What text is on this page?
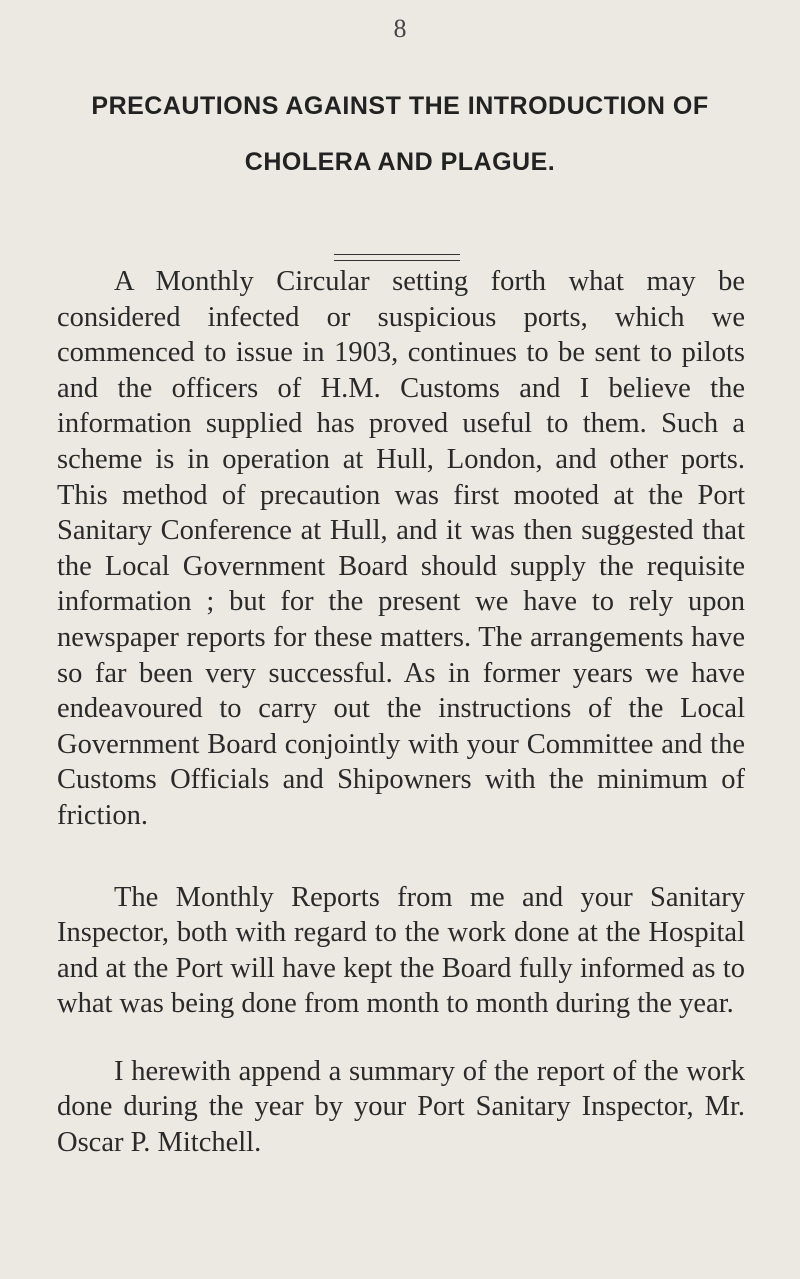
8
PRECAUTIONS AGAINST THE INTRODUCTION OF
CHOLERA AND PLAGUE.

A Monthly Circular setting forth what may be considered infected or suspicious ports, which we commenced to issue in 1903, continues to be sent to pilots and the officers of H.M. Customs and I believe the information supplied has proved useful to them. Such a scheme is in operation at Hull, London, and other ports. This method of precaution was first mooted at the Port Sanitary Conference at Hull, and it was then suggested that the Local Government Board should supply the requisite information ; but for the present we have to rely upon newspaper reports for these matters. The arrangements have so far been very successful. As in former years we have endeavoured to carry out the instructions of the Local Government Board conjointly with your Committee and the Customs Officials and Shipowners with the minimum of friction.

The Monthly Reports from me and your Sanitary Inspector, both with regard to the work done at the Hospital and at the Port will have kept the Board fully informed as to what was being done from month to month during the year.

I herewith append a summary of the report of the work done during the year by your Port Sanitary Inspector, Mr. Oscar P. Mitchell.
